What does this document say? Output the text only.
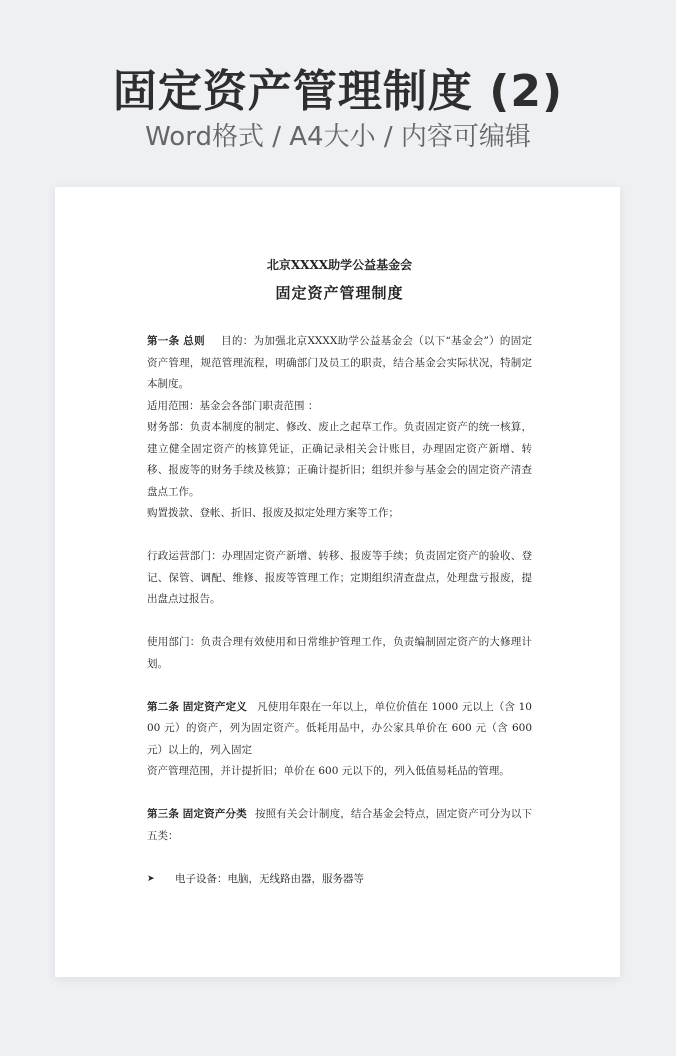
固定资产管理制度 (2)
Word格式 / A4大小 / 内容可编辑

北京XXXX助学公益基金会

固定资产管理制度

第一条 总则 目的：为加强北京XXXX助学公益基金会（以下“基金会”）的固定资产管理，规范管理流程，明确部门及员工的职责，结合基金会实际状况，特制定本制度。

适用范围：基金会各部门职责范围 ：

财务部：负责本制度的制定、修改、废止之起草工作。负责固定资产的统一核算，建立健全固定资产的核算凭证，正确记录相关会计账目，办理固定资产新增、转移、报废等的财务手续及核算；正确计提折旧；组织并参与基金会的固定资产清查盘点工作。

购置拨款、登帐、折旧、报废及拟定处理方案等工作；

行政运营部门：办理固定资产新增、转移、报废等手续；负责固定资产的验收、登记、保管、调配、维修、报废等管理工作；定期组织清查盘点，处理盘亏报废，提出盘点过报告。

使用部门：负责合理有效使用和日常维护管理工作，负责编制固定资产的大修理计划。

第二条 固定资产定义 凡使用年限在一年以上，单位价值在 1000 元以上（含 1000 元）的资产，列为固定资产。低耗用品中，办公家具单价在 600 元（含 600 元）以上的，列入固定

资产管理范围，并计提折旧；单价在 600 元以下的，列入低值易耗品的管理。

第三条 固定资产分类 按照有关会计制度，结合基金会特点，固定资产可分为以下五类：

➤	电子设备：电脑，无线路由器，服务器等
